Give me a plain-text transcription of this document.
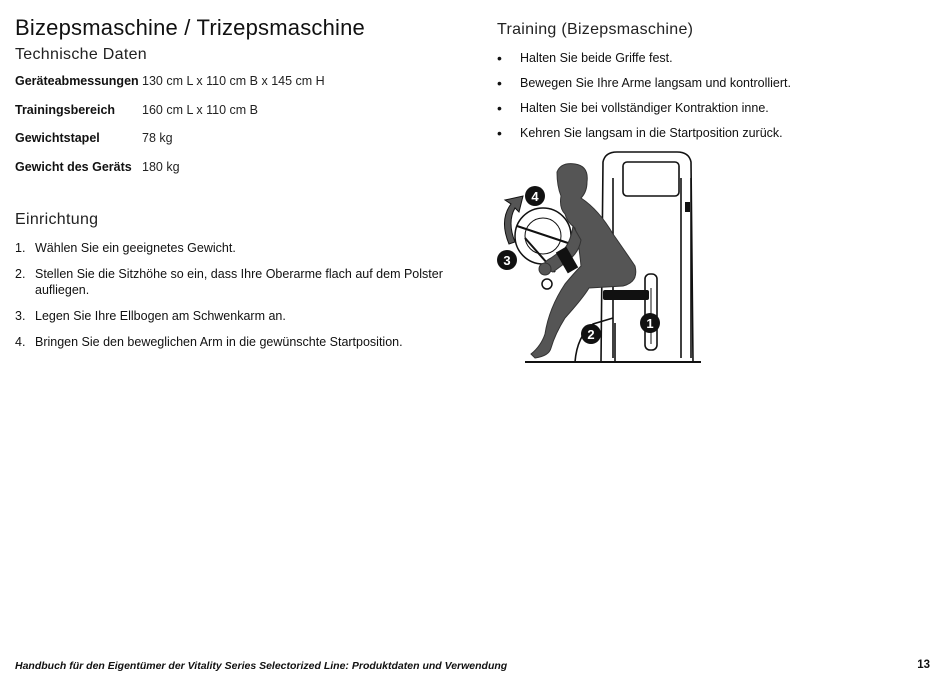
Bizepsmaschine / Trizepsmaschine
Technische Daten
Geräteabmessungen 130 cm L x 110 cm B x 145 cm H
Trainingsbereich	160 cm L x 110 cm B
Gewichtstapel	78 kg
Gewicht des Geräts 180 kg
Einrichtung
1. Wählen Sie ein geeignetes Gewicht.
2. Stellen Sie die Sitzhöhe so ein, dass Ihre Oberarme flach auf dem Polster aufliegen.
3. Legen Sie Ihre Ellbogen am Schwenkarm an.
4. Bringen Sie den beweglichen Arm in die gewünschte Startposition.
Training (Bizepsmaschine)
•	Halten Sie beide Griffe fest.
•	Bewegen Sie Ihre Arme langsam und kontrolliert.
•	Halten Sie bei vollständiger Kontraktion inne.
•	Kehren Sie langsam in die Startposition zurück.
1
2
3
4
Handbuch für den Eigentümer der Vitality Series Selectorized Line: Produktdaten und Verwendung	13
